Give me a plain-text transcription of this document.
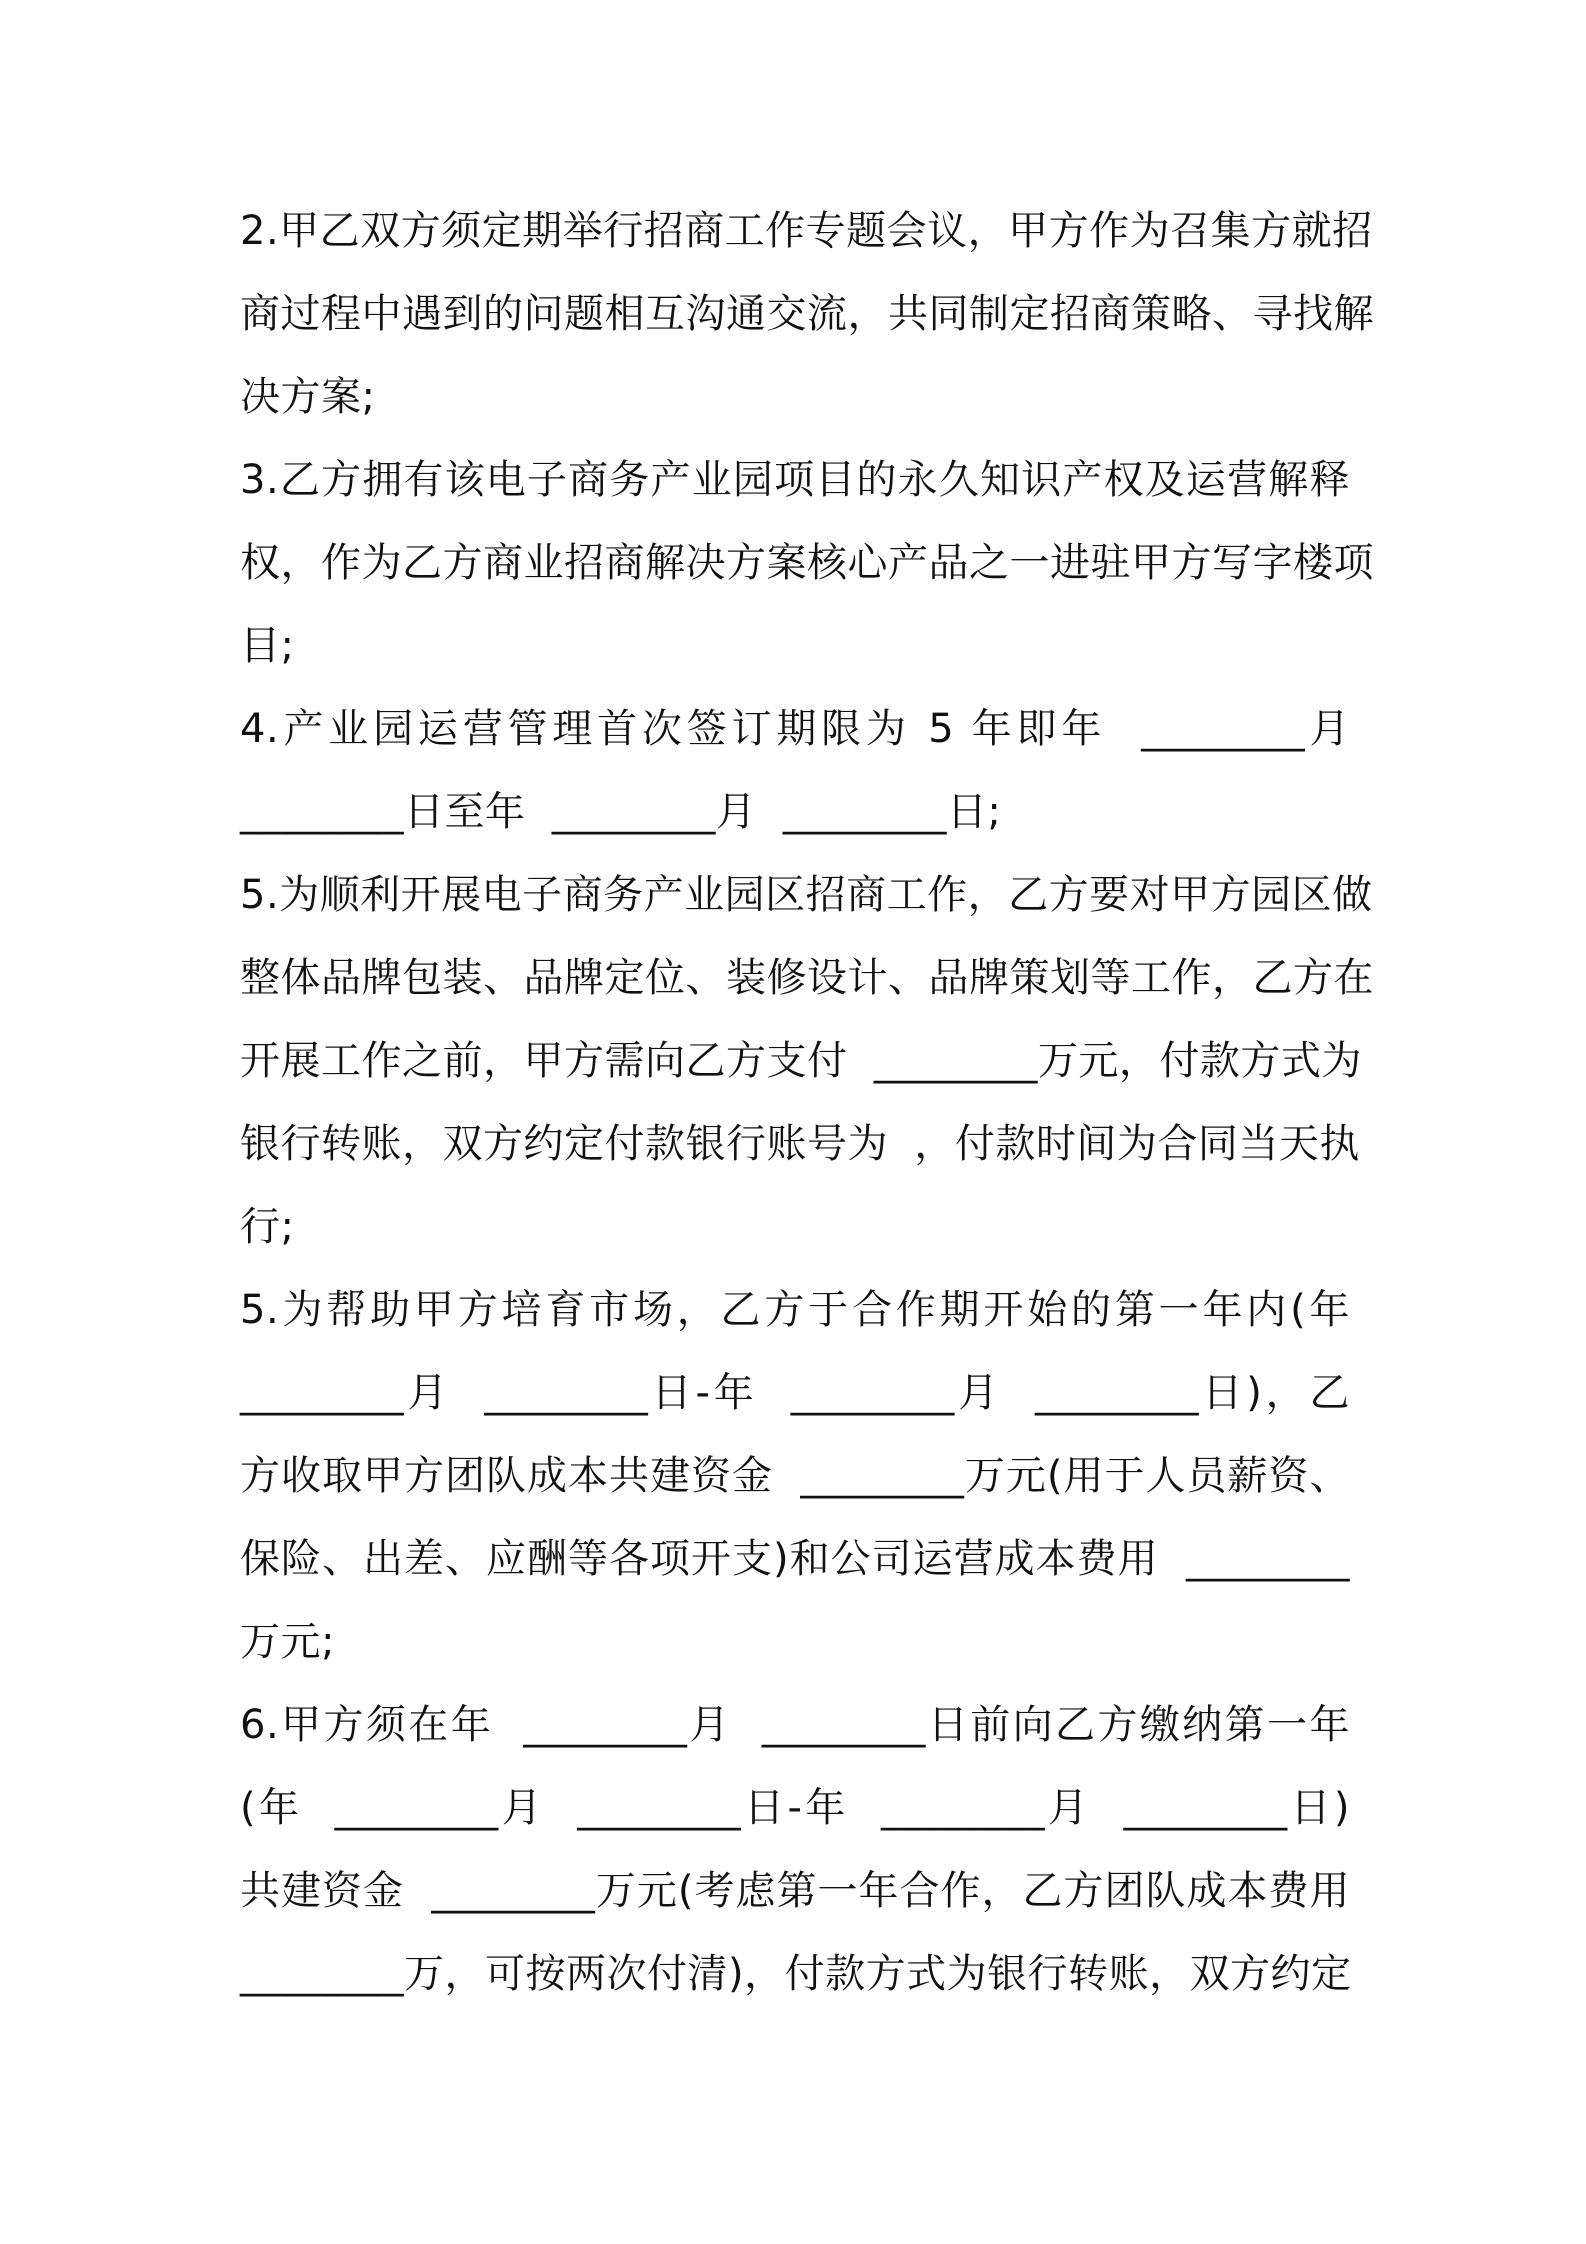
2.甲乙双方须定期举行招商工作专题会议，甲方作为召集方就招
商过程中遇到的问题相互沟通交流，共同制定招商策略、寻找解
决方案;
3.乙方拥有该电子商务产业园项目的永久知识产权及运营解释
权，作为乙方商业招商解决方案核心产品之一进驻甲方写字楼项
目;
4.产业园运营管理首次签订期限为 5 年即年  ________月
________日至年  ________月  ________日;
5.为顺利开展电子商务产业园区招商工作，乙方要对甲方园区做
整体品牌包装、品牌定位、装修设计、品牌策划等工作，乙方在
开展工作之前，甲方需向乙方支付  ________万元，付款方式为
银行转账，双方约定付款银行账号为  ，付款时间为合同当天执
行;
5.为帮助甲方培育市场，乙方于合作期开始的第一年内(年
________月  ________日-年  ________月  ________日)，乙
方收取甲方团队成本共建资金  ________万元(用于人员薪资、
保险、出差、应酬等各项开支)和公司运营成本费用  ________
万元;
6.甲方须在年  ________月  ________日前向乙方缴纳第一年
(年  ________月  ________日-年  ________月  ________日)
共建资金  ________万元(考虑第一年合作，乙方团队成本费用
________万，可按两次付清)，付款方式为银行转账，双方约定
